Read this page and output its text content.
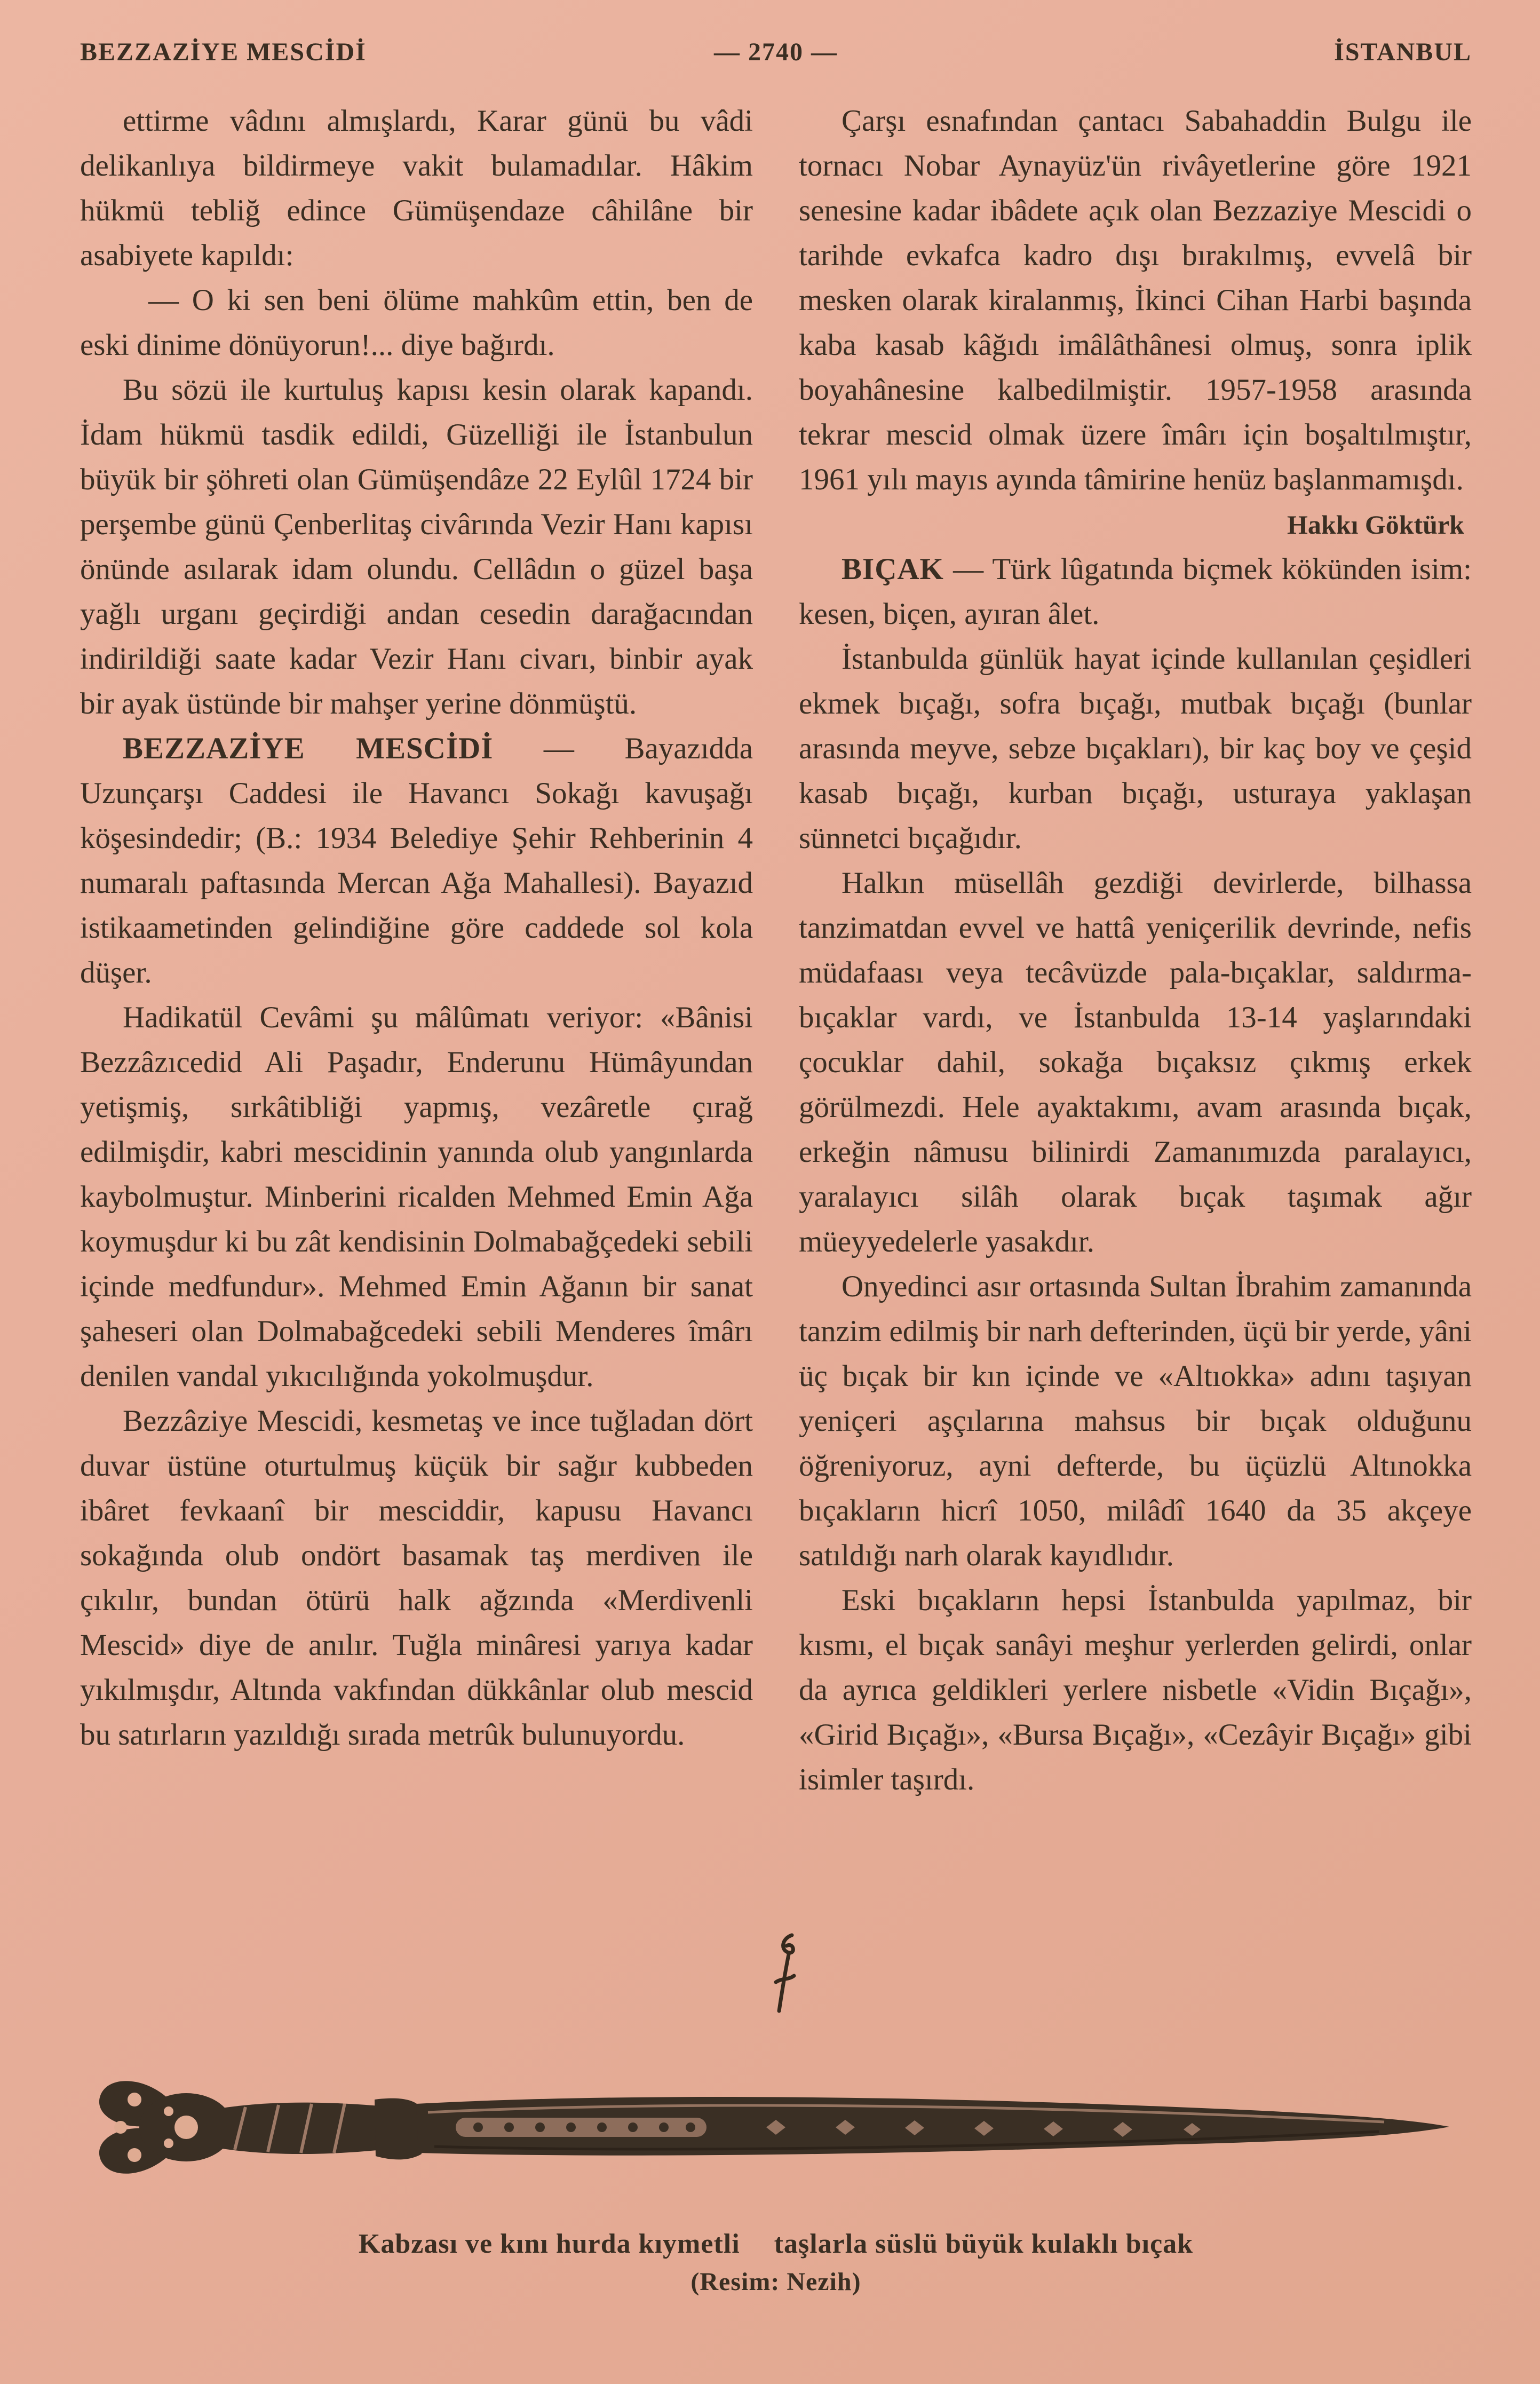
BEZZAZİYE MESCİDİ	— 2740 —	İSTANBUL

ettirme vâdını almışlardı, Karar günü bu vâdi delikanlıya bildirmeye vakit bulamadılar. Hâkim hükmü tebliğ edince Gümüşendaze câhilâne bir asabiyete kapıldı:

— O ki sen beni ölüme mahkûm ettin, ben de eski dinime dönüyorun!... diye bağırdı.

Bu sözü ile kurtuluş kapısı kesin olarak kapandı. İdam hükmü tasdik edildi, Güzelliği ile İstanbulun büyük bir şöhreti olan Gümüşendâze 22 Eylûl 1724 bir perşembe günü Çenberlitaş civârında Vezir Hanı kapısı önünde asılarak idam olundu. Cellâdın o güzel başa yağlı urganı geçirdiği andan cesedin darağacından indirildiği saate kadar Vezir Hanı civarı, binbir ayak bir ayak üstünde bir mahşer yerine dönmüştü.

BEZZAZİYE MESCİDİ — Bayazıdda Uzunçarşı Caddesi ile Havancı Sokağı kavuşağı köşesindedir; (B.: 1934 Belediye Şehir Rehberinin 4 numaralı paftasında Mercan Ağa Mahallesi). Bayazıd istikaametinden gelindiğine göre caddede sol kola düşer.

Hadikatül Cevâmi şu mâlûmatı veriyor: «Bânisi Bezzâzıcedid Ali Paşadır, Enderunu Hümâyundan yetişmiş, sırkâtibliği yapmış, vezâretle çırağ edilmişdir, kabri mescidinin yanında olub yangınlarda kaybolmuştur. Minberini ricalden Mehmed Emin Ağa koymuşdur ki bu zât kendisinin Dolmabağçedeki sebili içinde medfundur». Mehmed Emin Ağanın bir sanat şaheseri olan Dolmabağcedeki sebili Menderes îmârı denilen vandal yıkıcılığında yokolmuşdur.

Bezzâziye Mescidi, kesmetaş ve ince tuğladan dört duvar üstüne oturtulmuş küçük bir sağır kubbeden ibâret fevkaanî bir mesciddir, kapusu Havancı sokağında olub ondört basamak taş merdiven ile çıkılır, bundan ötürü halk ağzında «Merdivenli Mescid» diye de anılır. Tuğla minâresi yarıya kadar yıkılmışdır, Altında vakfından dükkânlar olub mescid bu satırların yazıldığı sırada metrûk bulunuyordu.

Çarşı esnafından çantacı Sabahaddin Bulgu ile tornacı Nobar Aynayüz'ün rivâyetlerine göre 1921 senesine kadar ibâdete açık olan Bezzaziye Mescidi o tarihde evkafca kadro dışı bırakılmış, evvelâ bir mesken olarak kiralanmış, İkinci Cihan Harbi başında kaba kasab kâğıdı imâlâthânesi olmuş, sonra iplik boyahânesine kalbedilmiştir. 1957-1958 arasında tekrar mescid olmak üzere îmârı için boşaltılmıştır, 1961 yılı mayıs ayında tâmirine henüz başlanmamışdı.

Hakkı Göktürk

BIÇAK — Türk lûgatında biçmek kökünden isim: kesen, biçen, ayıran âlet.

İstanbulda günlük hayat içinde kullanılan çeşidleri ekmek bıçağı, sofra bıçağı, mutbak bıçağı (bunlar arasında meyve, sebze bıçakları), bir kaç boy ve çeşid kasab bıçağı, kurban bıçağı, usturaya yaklaşan sünnetci bıçağıdır.

Halkın müsellâh gezdiği devirlerde, bilhassa tanzimatdan evvel ve hattâ yeniçerilik devrinde, nefis müdafaası veya tecâvüzde pala-bıçaklar, saldırma-bıçaklar vardı, ve İstanbulda 13-14 yaşlarındaki çocuklar dahil, sokağa bıçaksız çıkmış erkek görülmezdi. Hele ayaktakımı, avam arasında bıçak, erkeğin nâmusu bilinirdi Zamanımızda paralayıcı, yaralayıcı silâh olarak bıçak taşımak ağır müeyyedelerle yasakdır.

Onyedinci asır ortasında Sultan İbrahim zamanında tanzim edilmiş bir narh defterinden, üçü bir yerde, yâni üç bıçak bir kın içinde ve «Altıokka» adını taşıyan yeniçeri aşçılarına mahsus bir bıçak olduğunu öğreniyoruz, ayni defterde, bu üçüzlü Altınokka bıçakların hicrî 1050, milâdî 1640 da 35 akçeye satıldığı narh olarak kayıdlıdır.

Eski bıçakların hepsi İstanbulda yapılmaz, bir kısmı, el bıçak sanâyi meşhur yerlerden gelirdi, onlar da ayrıca geldikleri yerlere nisbetle «Vidin Bıçağı», «Girid Bıçağı», «Bursa Bıçağı», «Cezâyir Bıçağı» gibi isimler taşırdı.

Kabzası ve kını hurda kıymetli taşlarla süslü büyük kulaklı bıçak
(Resim: Nezih)
